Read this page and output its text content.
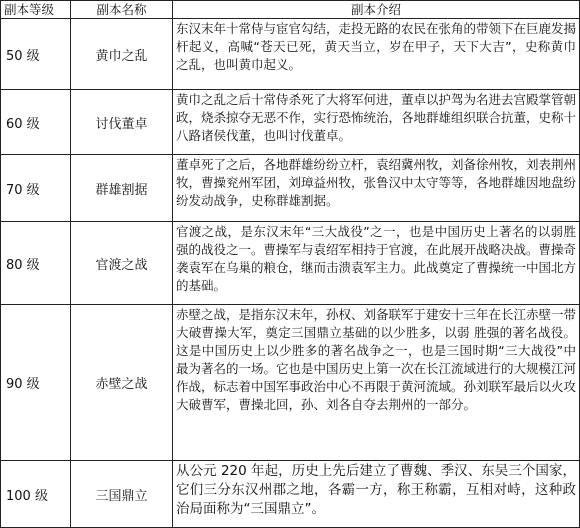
副本等级	副本名称	副本介绍
50 级	黄巾之乱	东汉末年十常侍与宦官勾结，走投无路的农民在张角的带领下在巨鹿发揭杆起义，高喊“苍天已死，黄天当立，岁在甲子，天下大吉”，史称黄巾之乱，也叫黄巾起义。
60 级	讨伐董卓	黄巾之乱之后十常侍杀死了大将军何进，董卓以护驾为名进去宫殿掌管朝政，烧杀掠夺无恶不作，实行恐怖统治，各地群雄组织联合抗董，史称十八路诸侯伐董，也叫讨伐董卓。
70 级	群雄割据	董卓死了之后，各地群雄纷纷立杆，袁绍冀州牧，刘备徐州牧，刘表荆州牧，曹操兖州军团，刘璋益州牧，张鲁汉中太守等等，各地群雄因地盘纷纷发动战争，史称群雄割据。
80 级	官渡之战	官渡之战，是东汉末年“三大战役”之一，也是中国历史上著名的以弱胜强的战役之一。曹操军与袁绍军相持于官渡，在此展开战略决战。曹操奇袭袁军在乌巢的粮仓，继而击溃袁军主力。此战奠定了曹操统一中国北方的基础。
90 级	赤壁之战	赤壁之战，是指东汉末年，孙权、刘备联军于建安十三年在长江赤壁一带大破曹操大军，奠定三国鼎立基础的以少胜多，以弱 胜强的著名战役。这是中国历史上以少胜多的著名战争之一，也是三国时期“三大战役”中最为著名的一场。它也是中国历史上第一次在长江流域进行的大规模江河 作战，标志着中国军事政治中心不再限于黄河流域。孙刘联军最后以火攻大破曹军，曹操北回，孙、刘各自夺去荆州的一部分。
100 级	三国鼎立	从公元 220 年起，历史上先后建立了曹魏、季汉、东吴三个国家，它们三分东汉州郡之地，各霸一方，称王称霸，互相对峙，这种政治局面称为“三国鼎立”。
